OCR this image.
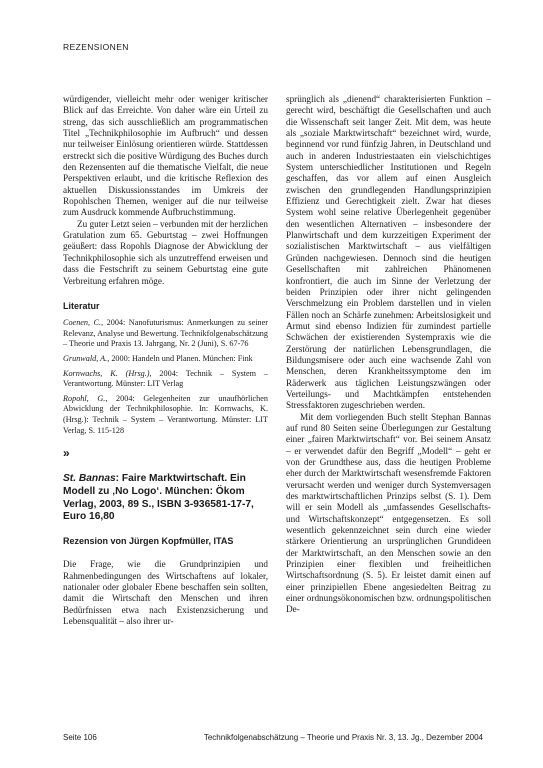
REZENSIONEN

würdigender, vielleicht mehr oder weniger kritischer Blick auf das Erreichte. Von daher wäre ein Urteil zu streng, das sich ausschließlich am programmatischen Titel „Technikphilosophie im Aufbruch“ und dessen nur teilweiser Einlösung orientieren würde. Stattdessen erstreckt sich die positive Würdigung des Buches durch den Rezensenten auf die thematische Vielfalt, die neue Perspektiven erlaubt, und die kritische Reflexion des aktuellen Diskussionsstandes im Umkreis der Ropohlschen Themen, weniger auf die nur teilweise zum Ausdruck kommende Aufbruchstimmung.

Zu guter Letzt seien – verbunden mit der herzlichen Gratulation zum 65. Geburtstag – zwei Hoffnungen geäußert: dass Ropohls Diagnose der Abwicklung der Technikphilosophie sich als unzutreffend erweisen und dass die Festschrift zu seinem Geburtstag eine gute Verbreitung erfahren möge.

Literatur

Coenen, C., 2004: Nanofuturismus: Anmerkungen zu seiner Relevanz, Analyse und Bewertung. Technikfolgenabschätzung – Theorie und Praxis 13. Jahrgang, Nr. 2 (Juni), S. 67-76

Grunwald, A., 2000: Handeln und Planen. München: Fink

Kornwachs, K. (Hrsg.), 2004: Technik – System – Verantwortung. Münster: LIT Verlag

Ropohl, G., 2004: Gelegenheiten zur unaufhörlichen Abwicklung der Technikphilosophie. In: Kornwachs, K. (Hrsg.): Technik – System – Verantwortung. Münster: LIT Verlag, S. 115-128

»

St. Bannas: Faire Marktwirtschaft. Ein Modell zu ‚No Logo‘. München: Ökom Verlag, 2003, 89 S., ISBN 3-936581-17-7, Euro 16,80

Rezension von Jürgen Kopfmüller, ITAS

Die Frage, wie die Grundprinzipien und Rahmenbedingungen des Wirtschaftens auf lokaler, nationaler oder globaler Ebene beschaffen sein sollten, damit die Wirtschaft den Menschen und ihren Bedürfnissen etwa nach Existenzsicherung und Lebensqualität – also ihrer ur-

sprünglich als „dienend“ charakterisierten Funktion – gerecht wird, beschäftigt die Gesellschaften und auch die Wissenschaft seit langer Zeit. Mit dem, was heute als „soziale Marktwirtschaft“ bezeichnet wird, wurde, beginnend vor rund fünfzig Jahren, in Deutschland und auch in anderen Industriestaaten ein vielschichtiges System unterschiedlicher Institutionen und Regeln geschaffen, das vor allem auf einen Ausgleich zwischen den grundlegenden Handlungsprinzipien Effizienz und Gerechtigkeit zielt. Zwar hat dieses System wohl seine relative Überlegenheit gegenüber den wesentlichen Alternativen – insbesondere der Planwirtschaft und dem kurzzeitigen Experiment der sozialistischen Marktwirtschaft – aus vielfältigen Gründen nachgewiesen. Dennoch sind die heutigen Gesellschaften mit zahlreichen Phänomenen konfrontiert, die auch im Sinne der Verletzung der beiden Prinzipien oder ihrer nicht gelingenden Verschmelzung ein Problem darstellen und in vielen Fällen noch an Schärfe zunehmen: Arbeitslosigkeit und Armut sind ebenso Indizien für zumindest partielle Schwächen der existierenden Systempraxis wie die Zerstörung der natürlichen Lebensgrundlagen, die Bildungsmisere oder auch eine wachsende Zahl von Menschen, deren Krankheitssymptome den im Räderwerk aus täglichen Leistungszwängen oder Verteilungs- und Machtkämpfen entstehenden Stressfaktoren zugeschrieben werden.

Mit dem vorliegenden Buch stellt Stephan Bannas auf rund 80 Seiten seine Überlegungen zur Gestaltung einer „fairen Marktwirtschaft“ vor. Bei seinem Ansatz – er verwendet dafür den Begriff „Modell“ – geht er von der Grundthese aus, dass die heutigen Probleme eher durch der Marktwirtschaft wesensfremde Faktoren verursacht werden und weniger durch Systemversagen des marktwirtschaftlichen Prinzips selbst (S. 1). Dem will er sein Modell als „umfassendes Gesellschafts- und Wirtschaftskonzept“ entgegensetzen. Es soll wesentlich gekennzeichnet sein durch eine wieder stärkere Orientierung an ursprünglichen Grundideen der Marktwirtschaft, an den Menschen sowie an den Prinzipien einer flexiblen und freiheitlichen Wirtschaftsordnung (S. 5). Er leistet damit einen auf einer prinzipiellen Ebene angesiedelten Beitrag zu einer ordnungsökonomischen bzw. ordnungspolitischen De-

Seite 106	Technikfolgenabschätzung – Theorie und Praxis Nr. 3, 13. Jg., Dezember 2004
